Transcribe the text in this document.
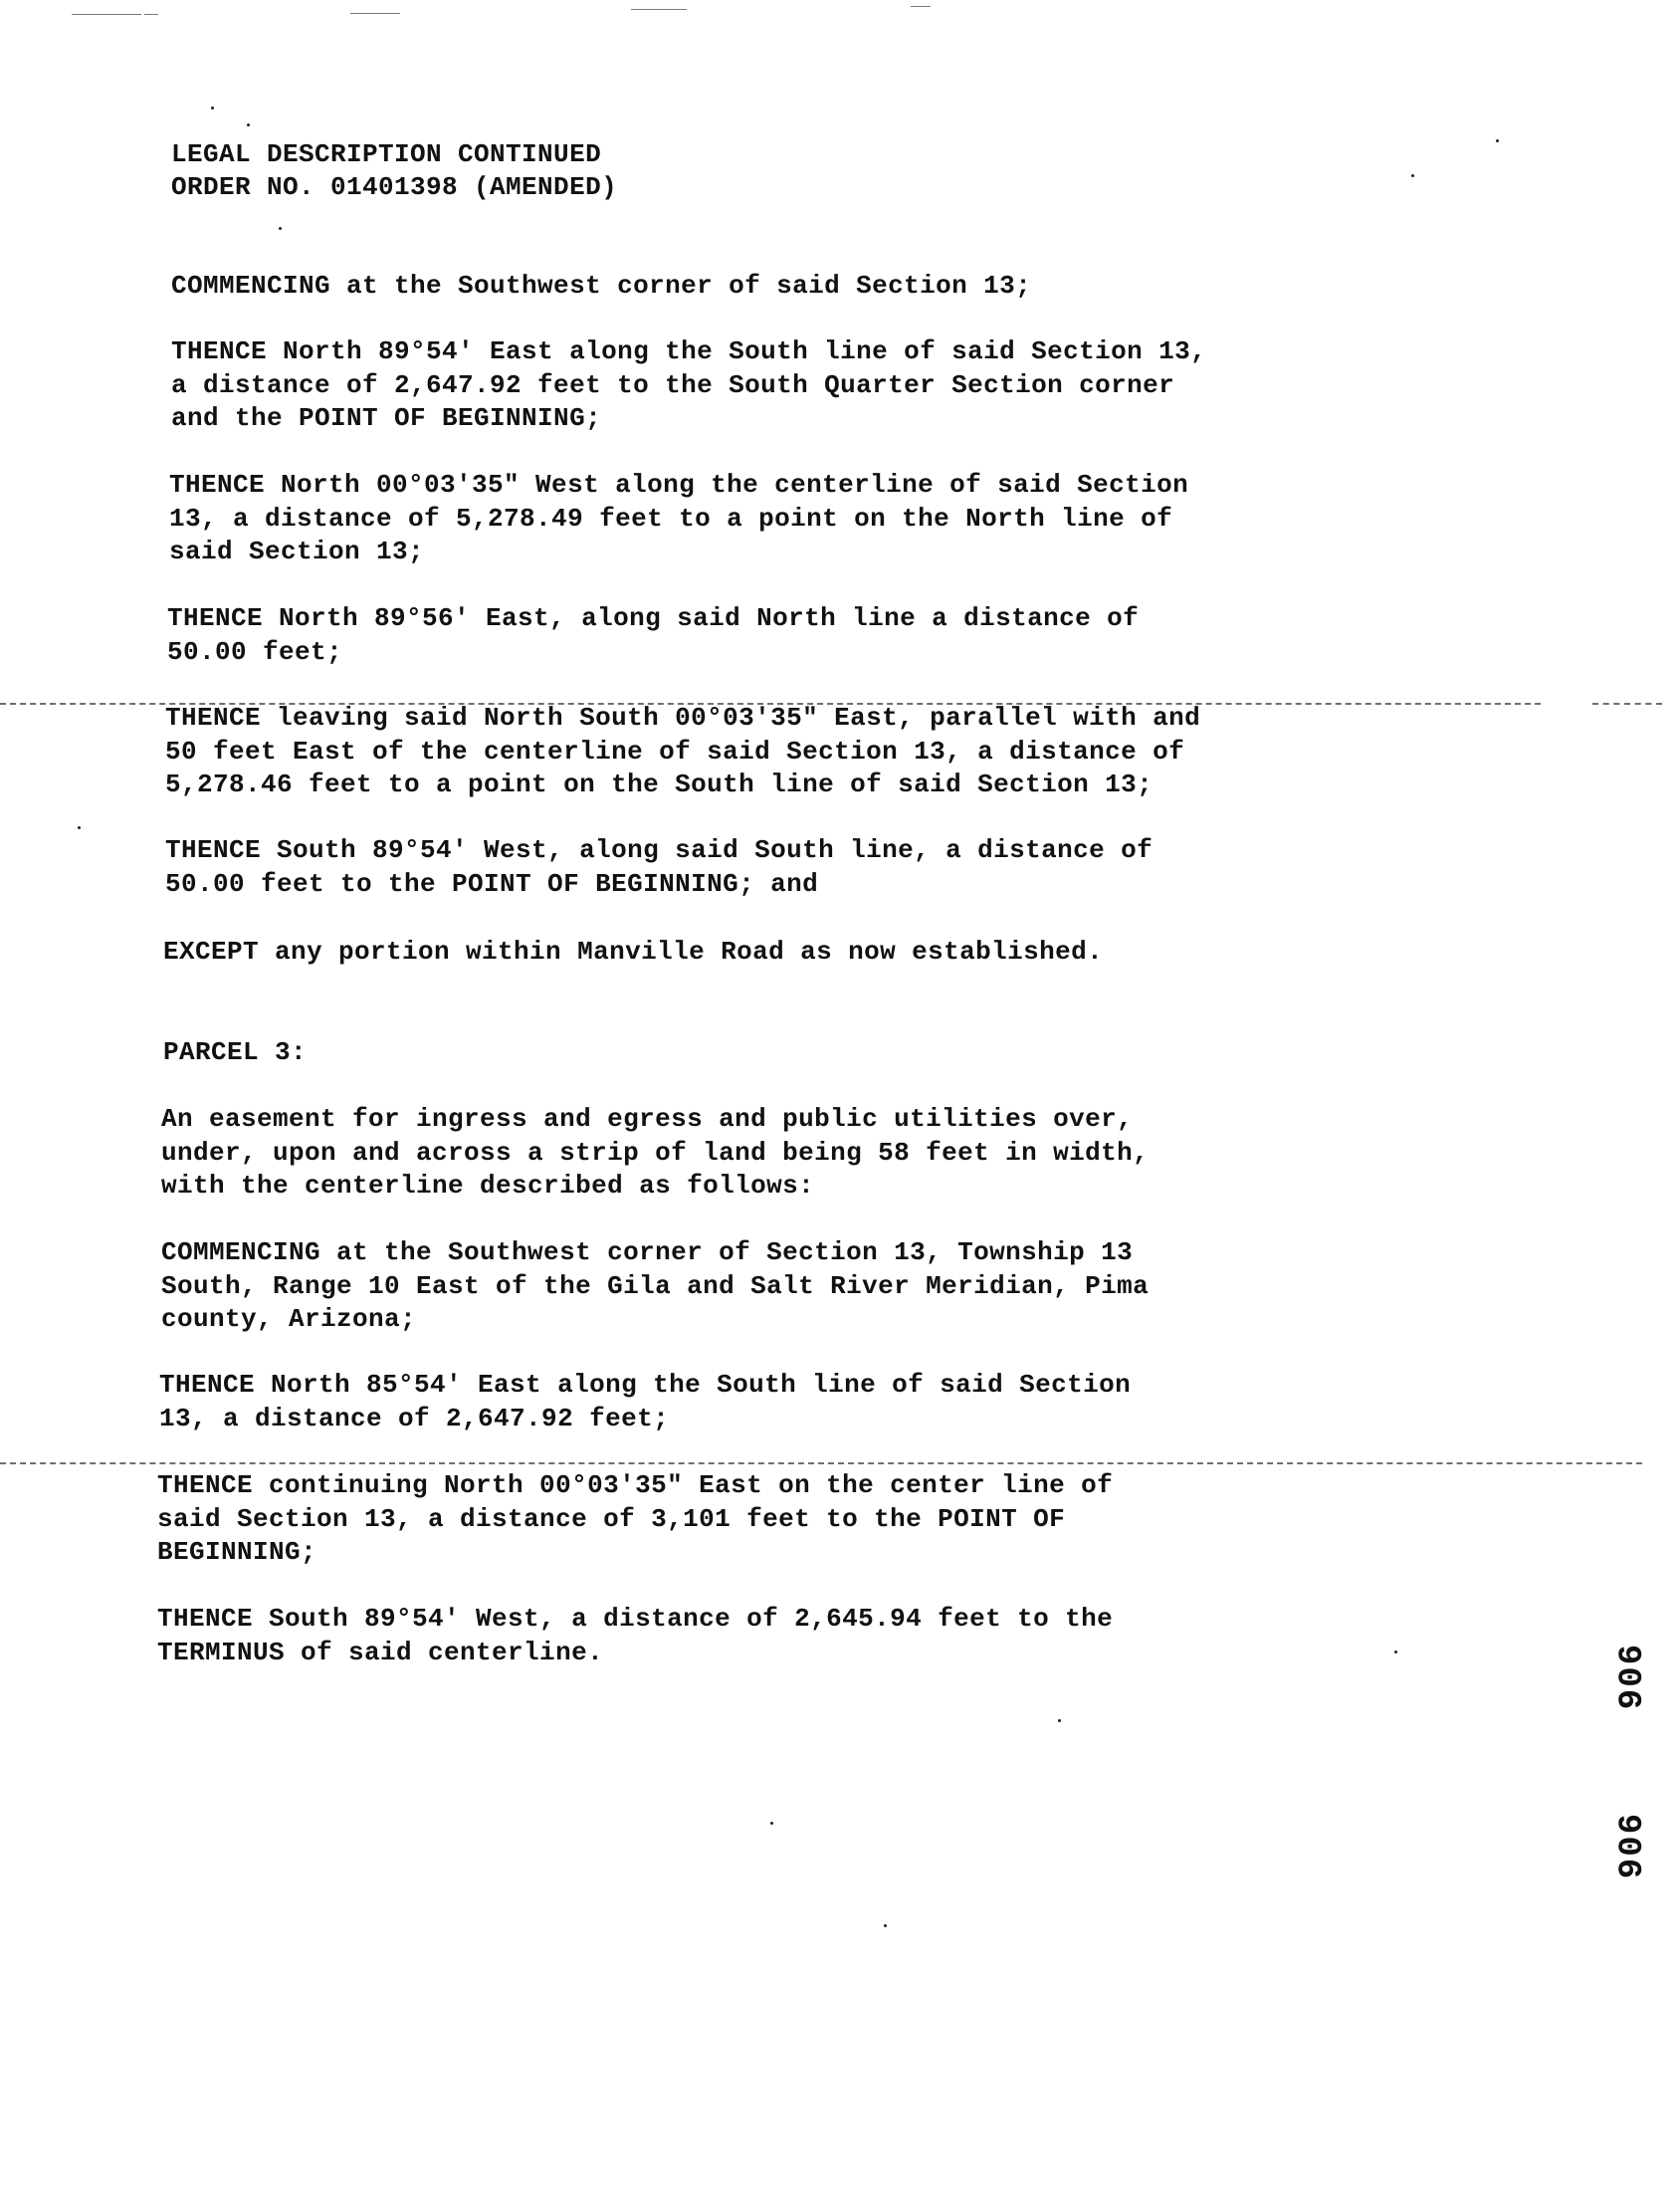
LEGAL DESCRIPTION CONTINUED
ORDER NO. 01401398 (AMENDED)
COMMENCING at the Southwest corner of said Section 13;
THENCE North 89°54' East along the South line of said Section 13,
a distance of 2,647.92 feet to the South Quarter Section corner
and the POINT OF BEGINNING;
THENCE North 00°03'35" West along the centerline of said Section
13, a distance of 5,278.49 feet to a point on the North line of
said Section 13;
THENCE North 89°56' East, along said North line a distance of
50.00 feet;
THENCE leaving said North South 00°03'35" East, parallel with and
50 feet East of the centerline of said Section 13, a distance of
5,278.46 feet to a point on the South line of said Section 13;
THENCE South 89°54' West, along said South line, a distance of
50.00 feet to the POINT OF BEGINNING; and
EXCEPT any portion within Manville Road as now established.
PARCEL 3:
An easement for ingress and egress and public utilities over,
under, upon and across a strip of land being 58 feet in width,
with the centerline described as follows:
COMMENCING at the Southwest corner of Section 13, Township 13
South, Range 10 East of the Gila and Salt River Meridian, Pima
county, Arizona;
THENCE North 85°54' East along the South line of said Section
13, a distance of 2,647.92 feet;
THENCE continuing North 00°03'35" East on the center line of
said Section 13, a distance of 3,101 feet to the POINT OF
BEGINNING;
THENCE South 89°54' West, a distance of 2,645.94 feet to the
TERMINUS of said centerline.	906
906
